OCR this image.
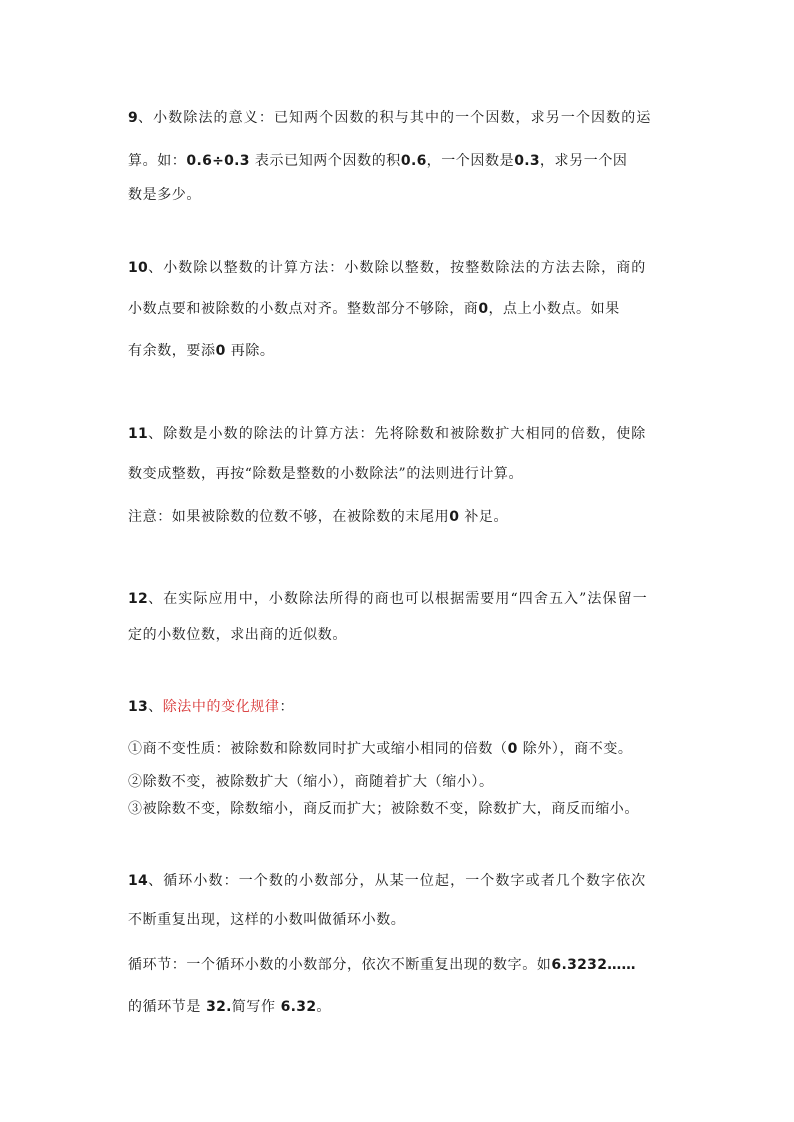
9、小数除法的意义：已知两个因数的积与其中的一个因数，求另一个因数的运
算。如：0.6÷0.3 表示已知两个因数的积0.6，一个因数是0.3，求另一个因
数是多少。
10、小数除以整数的计算方法：小数除以整数，按整数除法的方法去除，商的
小数点要和被除数的小数点对齐。整数部分不够除，商0，点上小数点。如果
有余数，要添0 再除。
11、除数是小数的除法的计算方法：先将除数和被除数扩大相同的倍数，使除
数变成整数，再按“除数是整数的小数除法”的法则进行计算。
注意：如果被除数的位数不够，在被除数的末尾用0 补足。
12、在实际应用中，小数除法所得的商也可以根据需要用“四舍五入”法保留一
定的小数位数，求出商的近似数。
13、除法中的变化规律：
①商不变性质：被除数和除数同时扩大或缩小相同的倍数（0 除外），商不变。
②除数不变，被除数扩大（缩小），商随着扩大（缩小）。
③被除数不变，除数缩小，商反而扩大；被除数不变，除数扩大，商反而缩小。
14、循环小数：一个数的小数部分，从某一位起，一个数字或者几个数字依次
不断重复出现，这样的小数叫做循环小数。
循环节：一个循环小数的小数部分，依次不断重复出现的数字。如6.3232……
的循环节是 32.简写作 6.32。
